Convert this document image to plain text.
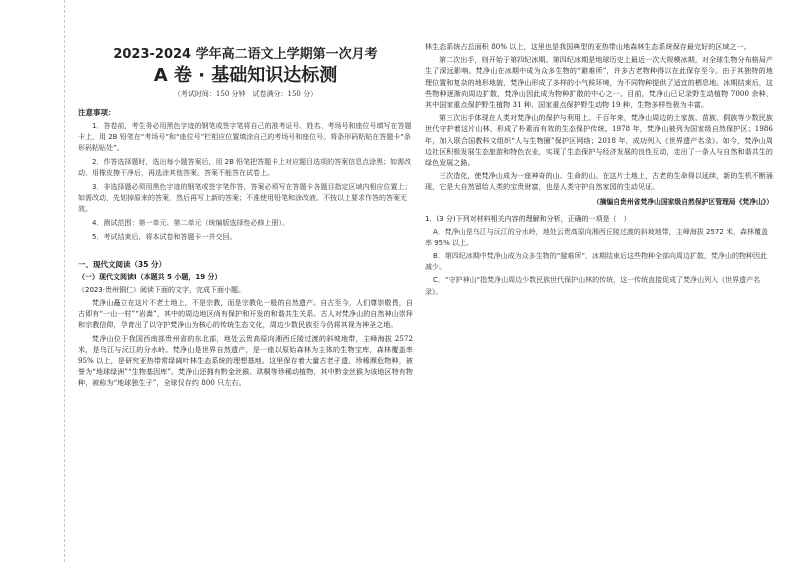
2023-2024 学年高二语文上学期第一次月考
A 卷 · 基础知识达标测
（考试时间：150 分钟　试卷满分：150 分）
注意事项：

1．答卷前，考生务必用黑色字迹的钢笔或签字笔将自己的准考证号、姓名、考场号和座位号填写在答题卡上，用 2B 铅笔在“考场号”和“座位号”栏相应位置填涂自己的考场号和座位号。将条形码粘贴在答题卡“条形码粘贴处”。

2．作答选择题时，选出每小题答案后，用 2B 铅笔把答题卡上对应题目选项的答案信息点涂黑；如需改动，用橡皮擦干净后，再选涂其他答案。答案不能答在试卷上。

3．非选择题必须用黑色字迹的钢笔或签字笔作答，答案必须写在答题卡各题目指定区域内相应位置上；如需改动，先划掉原来的答案，然后再写上新的答案；不准使用铅笔和涂改液。不按以上要求作答的答案无效。

4．测试范围：第一单元、第二单元（统编版选择性必修上册）。

5．考试结束后，将本试卷和答题卡一并交回。

一、现代文阅读（35 分）
（一）现代文阅读Ⅰ（本题共 5 小题，19 分）
（2023·贵州铜仁）阅读下面的文字，完成下面小题。

梵净山矗立在这片不老土地上，不是宗教，而是宗教化一般的自然遗产。自古至今，人们尊崇敬畏，自古即有“一山一村”“岩嵩”，其中的周边地区尚有保护和开发的和谐共生关系。古人对梵净山的自然神山崇拜和宗教信仰，孕育出了以守护梵净山为核心的传统生态文化，周边少数民族至今仍将其视为神圣之地。

梵净山位于我国西南部贵州省的东北部，地处云贵高原向湘西丘陵过渡的斜坡地带，主峰海拔 2572 米，是乌江与沅江的分水岭。梵净山是世界自然遗产，是一座以原始森林为主体的生物宝库，森林覆盖率 95% 以上，是研究亚热带常绿阔叶林生态系统的理想基地。这里保存着大量古老孑遗、珍稀濒危物种，被誉为“地球绿洲”“生物基因库”。梵净山还拥有黔金丝猴、珙桐等珍稀动植物，其中黔金丝猴为该地区特有物种，被称为“地球独生子”，全球仅存约 800 只左右。

林生态系统占总面积 80% 以上，这里也是我国典型的亚热带山地森林生态系统保存最完好的区域之一。

第二次出手，则开始于第四纪冰期。第四纪冰期是地球历史上最近一次大规模冰期，对全球生物分布格局产生了深远影响。梵净山在冰期中成为众多生物的“避难所”，许多古老物种得以在此保存至今。由于其独特的地理位置和复杂的地形地貌，梵净山形成了多样的小气候环境，为不同物种提供了适宜的栖息地。冰期结束后，这些物种逐渐向周边扩散，梵净山因此成为物种扩散的中心之一。目前，梵净山已记录野生动植物 7000 余种，其中国家重点保护野生植物 31 种、国家重点保护野生动物 19 种，生物多样性极为丰富。

第三次出手体现在人类对梵净山的保护与利用上。千百年来，梵净山周边的土家族、苗族、侗族等少数民族世代守护着这片山林，形成了朴素而有效的生态保护传统。1978 年，梵净山被列为国家级自然保护区；1986 年，加入联合国教科文组织“人与生物圈”保护区网络；2018 年，成功列入《世界遗产名录》。如今，梵净山周边社区积极发展生态旅游和特色农业，实现了生态保护与经济发展的良性互动，走出了一条人与自然和谐共生的绿色发展之路。

三次造化，使梵净山成为一座神奇的山、生命的山。在这片土地上，古老的生命得以延续，新的生机不断涌现，它是大自然留给人类的宝贵财富，也是人类守护自然家园的生动见证。

（摘编自贵州省梵净山国家级自然保护区管理局《梵净山》）
1．(3 分)下列对材料相关内容的理解和分析，正确的一项是（　）

A．梵净山是乌江与沅江的分水岭，地处云贵高原向湘西丘陵过渡的斜坡地带，主峰海拔 2572 米，森林覆盖率 95% 以上。

B．第四纪冰期中梵净山成为众多生物的“避难所”，冰期结束后这些物种全部向周边扩散，梵净山的物种因此减少。

C．“守护神山”指梵净山周边少数民族世代保护山林的传统，这一传统直接促成了梵净山列入《世界遗产名录》。
